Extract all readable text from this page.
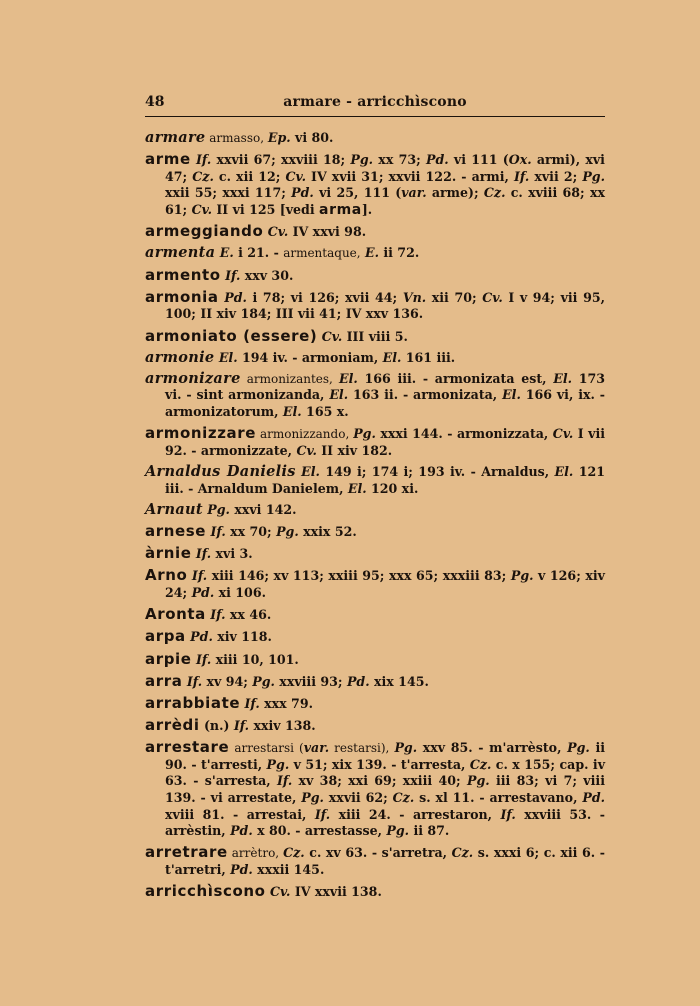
48	armare - arricchìscono
armare armasso, Ep. vi 80.
arme If. xxvii 67; xxviii 18; Pg. xx 73; Pd. vi 111 (Ox. armi), xvi 47; Cz. c. xii 12; Cv. IV xvii 31; xxvii 122. - armi, If. xvii 2; Pg. xxii 55; xxxi 117; Pd. vi 25, 111 (var. arme); Cz. c. xviii 68; xx 61; Cv. II vi 125 [vedi arma].
armeggiando Cv. IV xxvi 98.
armenta E. i 21. - armentaque, E. ii 72.
armento If. xxv 30.
armonia Pd. i 78; vi 126; xvii 44; Vn. xii 70; Cv. I v 94; vii 95, 100; II xiv 184; III vii 41; IV xxv 136.
armoniato (essere) Cv. III viii 5.
armonie El. 194 iv. - armoniam, El. 161 iii.
armonizare armonizantes, El. 166 iii. - armonizata est, El. 173 vi. - sint armonizanda, El. 163 ii. - armonizata, El. 166 vi, ix. - armonizatorum, El. 165 x.
armonizzare armonizzando, Pg. xxxi 144. - armonizzata, Cv. I vii 92. - armonizzate, Cv. II xiv 182.
Arnaldus Danielis El. 149 i; 174 i; 193 iv. - Arnaldus, El. 121 iii. - Arnaldum Danielem, El. 120 xi.
Arnaut Pg. xxvi 142.
arnese If. xx 70; Pg. xxix 52.
àrnie If. xvi 3.
Arno If. xiii 146; xv 113; xxiii 95; xxx 65; xxxiii 83; Pg. v 126; xiv 24; Pd. xi 106.
Aronta If. xx 46.
arpa Pd. xiv 118.
arpie If. xiii 10, 101.
arra If. xv 94; Pg. xxviii 93; Pd. xix 145.
arrabbiate If. xxx 79.
arrèdi (n.) If. xxiv 138.
arrestare arrestarsi (var. restarsi), Pg. xxv 85. - m'arrèsto, Pg. ii 90. - t'arresti, Pg. v 51; xix 139. - t'arresta, Cz. c. x 155; cap. iv 63. - s'arresta, If. xv 38; xxi 69; xxiii 40; Pg. iii 83; vi 7; viii 139. - vi arrestate, Pg. xxvii 62; Cz. s. xl 11. - arrestavano, Pd. xviii 81. - arrestai, If. xiii 24. - arrestaron, If. xxviii 53. - arrèstin, Pd. x 80. - arrestasse, Pg. ii 87.
arretrare arrètro, Cz. c. xv 63. - s'arretra, Cz. s. xxxi 6; c. xii 6. - t'arretri, Pd. xxxii 145.
arricchìscono Cv. IV xxvii 138.
